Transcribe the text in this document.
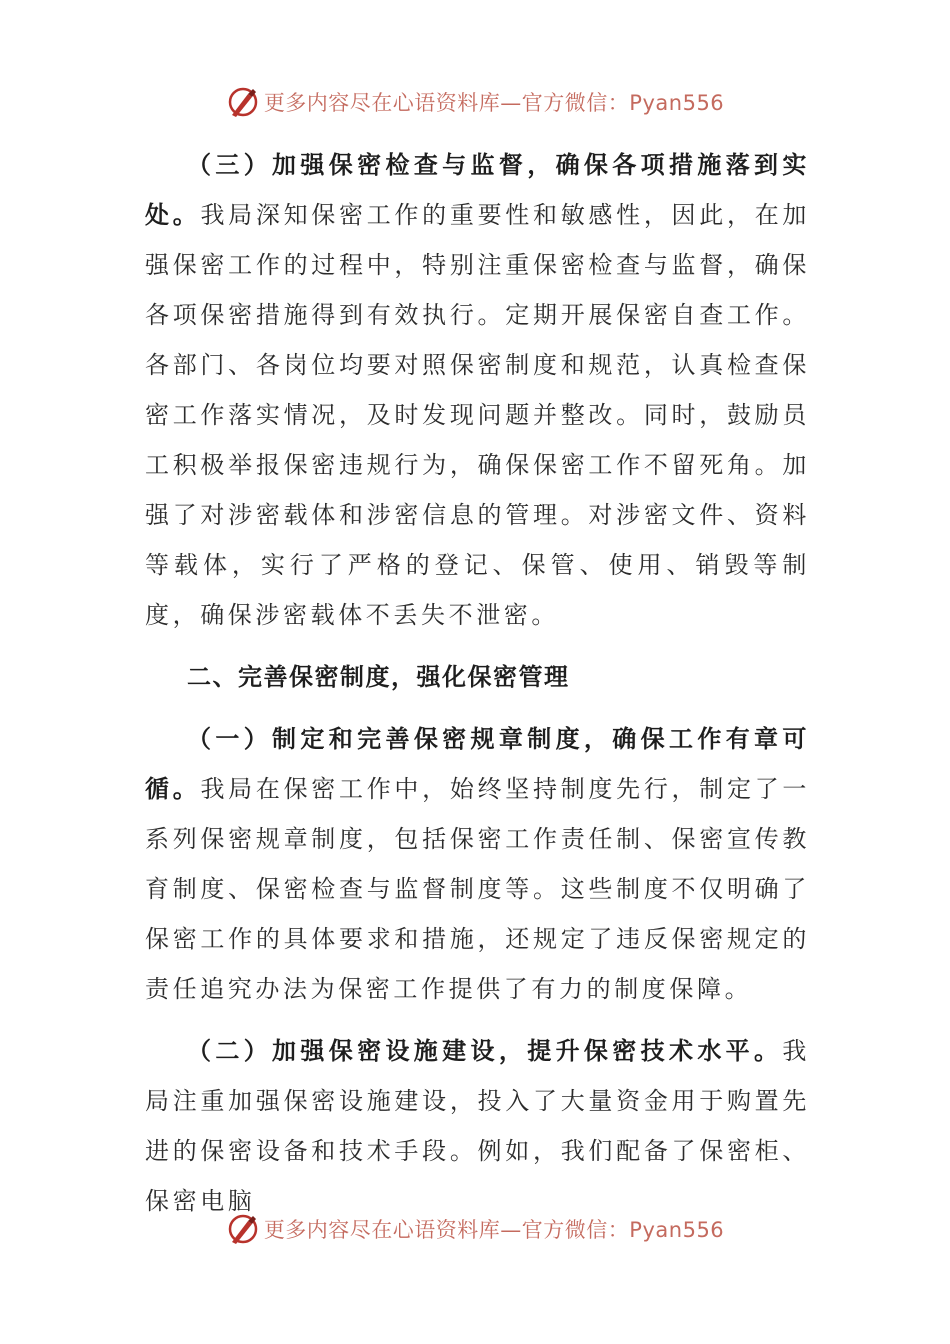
更多内容尽在心语资料库—官方微信：Pyan556

（三）加强保密检查与监督，确保各项措施落到实处。我局深知保密工作的重要性和敏感性，因此，在加强保密工作的过程中，特别注重保密检查与监督，确保各项保密措施得到有效执行。定期开展保密自查工作。各部门、各岗位均要对照保密制度和规范，认真检查保密工作落实情况，及时发现问题并整改。同时，鼓励员工积极举报保密违规行为，确保保密工作不留死角。加强了对涉密载体和涉密信息的管理。对涉密文件、资料等载体，实行了严格的登记、保管、使用、销毁等制度，确保涉密载体不丢失不泄密。

二、完善保密制度，强化保密管理

（一）制定和完善保密规章制度，确保工作有章可循。我局在保密工作中，始终坚持制度先行，制定了一系列保密规章制度，包括保密工作责任制、保密宣传教育制度、保密检查与监督制度等。这些制度不仅明确了保密工作的具体要求和措施，还规定了违反保密规定的责任追究办法为保密工作提供了有力的制度保障。

（二）加强保密设施建设，提升保密技术水平。我局注重加强保密设施建设，投入了大量资金用于购置先进的保密设备和技术手段。例如，我们配备了保密柜、保密电脑

更多内容尽在心语资料库—官方微信：Pyan556
